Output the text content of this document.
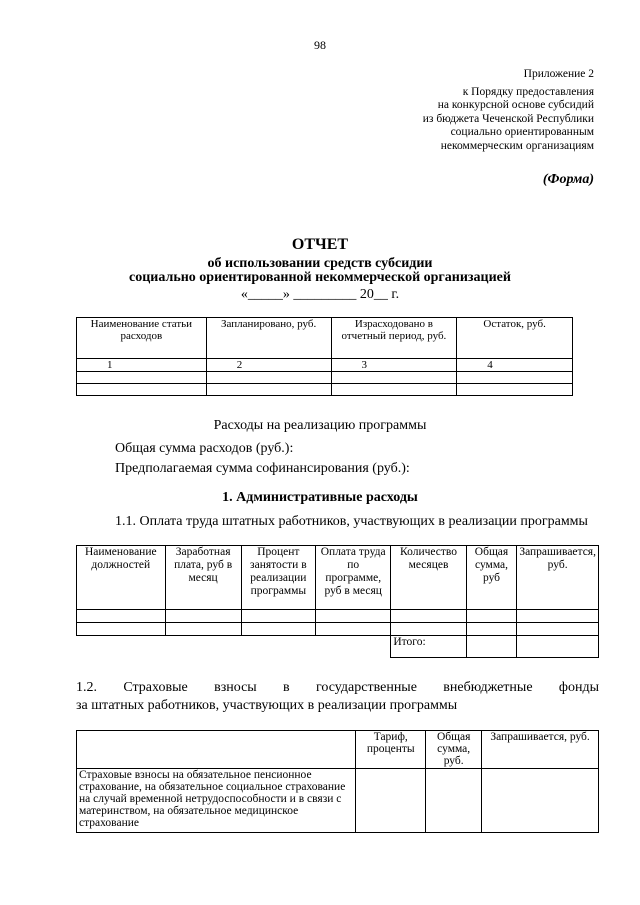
98
Приложение 2
к Порядку предоставления
на конкурсной основе субсидий
из бюджета Чеченской Республики
социально ориентированным
некоммерческим организациям
(Форма)
ОТЧЕТ
об использовании средств субсидии
социально ориентированной некоммерческой организацией
«_____» _________ 20__ г.
Наименование статьи расходов	Запланировано, руб.	Израсходовано в отчетный период, руб.	Остаток, руб.
1	2	3	4

Расходы на реализацию программы
Общая сумма расходов (руб.):
Предполагаемая сумма софинансирования (руб.):
1. Административные расходы
1.1. Оплата труда штатных работников, участвующих в реализации программы
Наименование должностей	Заработная плата, руб в месяц	Процент занятости в реализации программы	Оплата труда по программе, руб в месяц	Количество месяцев	Общая сумма, руб	Запрашивается, руб.

				Итого:		
1.2. Страховые взносы в государственные внебюджетные фонды
за штатных работников, участвующих в реализации программы
	Тариф, проценты	Общая сумма, руб.	Запрашивается, руб.
Страховые взносы на обязательное пенсионное страхование, на обязательное социальное страхование на случай временной нетрудоспособности и в связи с материнством, на обязательное медицинское страхование			
